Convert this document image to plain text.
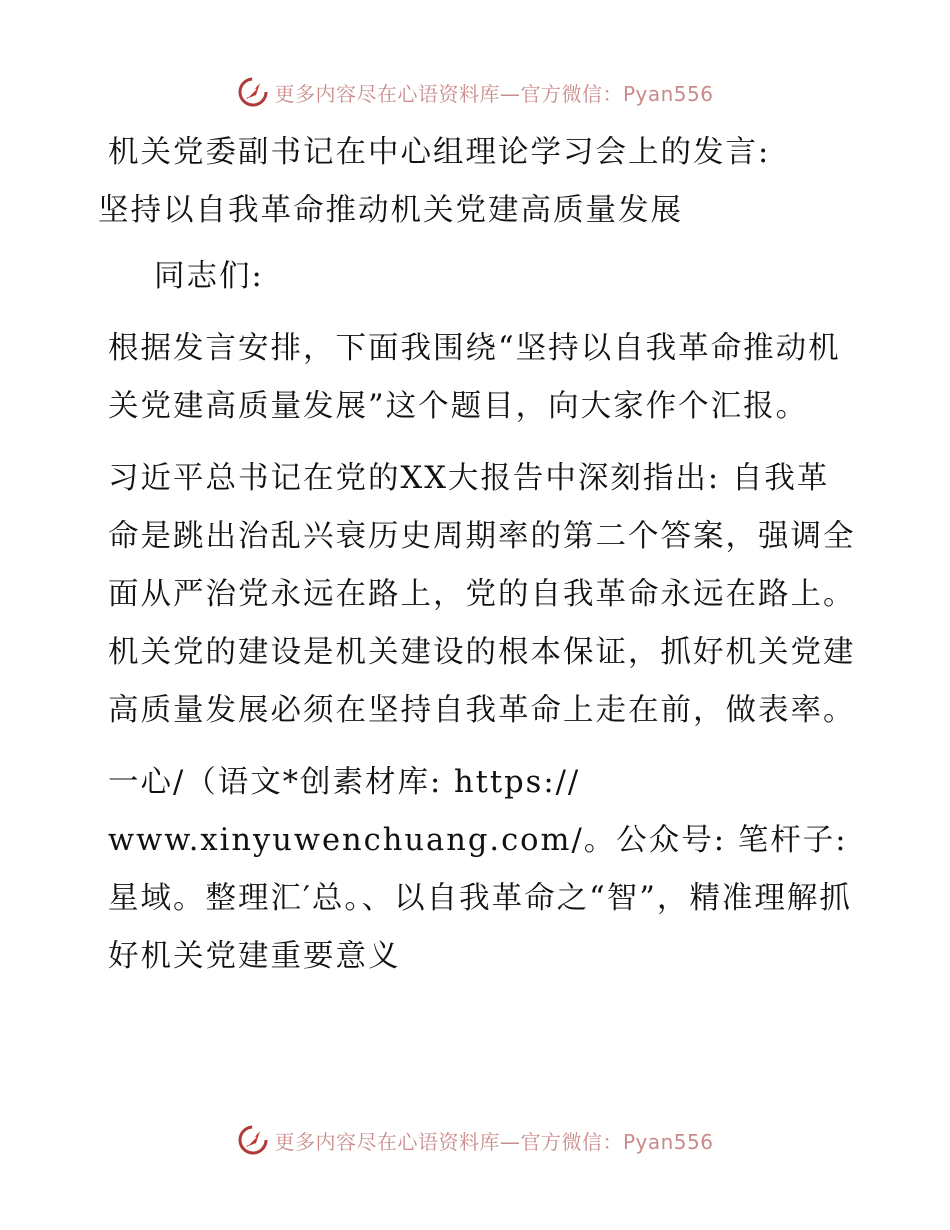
更多内容尽在心语资料库—官方微信：Pyan556

机关党委副书记在中心组理论学习会上的发言:
坚持以自我革命推动机关党建高质量发展

同志们:

根据发言安排，下面我围绕“坚持以自我革命推动机关党建高质量发展”这个题目，向大家作个汇报。

习近平总书记在党的XX大报告中深刻指出: 自我革命是跳出治乱兴衰历史周期率的第二个答案，强调全面从严治党永远在路上，党的自我革命永远在路上。机关党的建设是机关建设的根本保证，抓好机关党建高质量发展必须在坚持自我革命上走在前，做表率。

一心/（语文*创素材库: https://
www.xinyuwenchuang.com/。公众号: 笔杆子:星域。整理汇′总。、以自我革命之“智”，精准理解抓好机关党建重要意义

更多内容尽在心语资料库—官方微信：Pyan556
